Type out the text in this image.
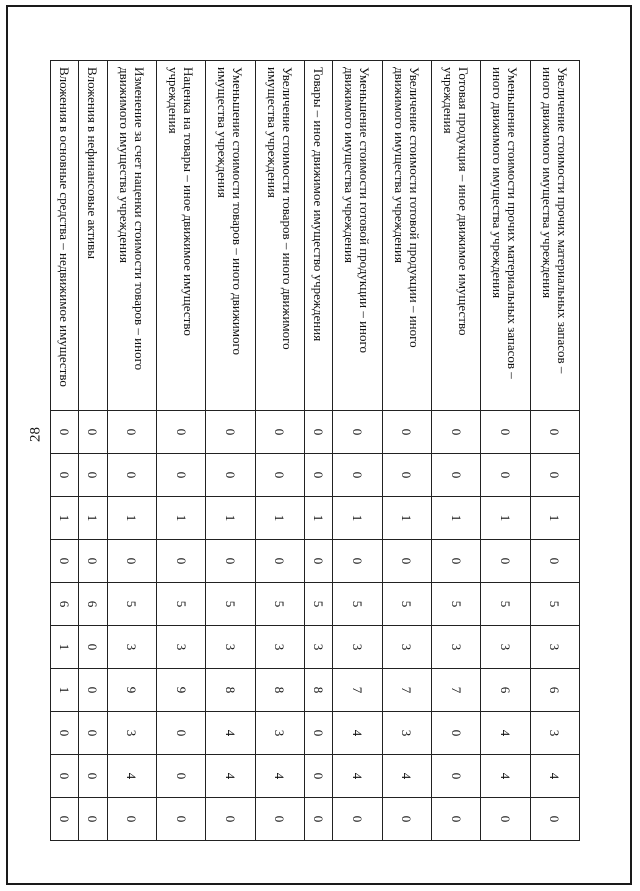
28
Увеличение стоимости прочих материальных запасов – иного движимого имущества учреждения	0	0	1	0	5	3	6	3	4	0
Уменьшение стоимости прочих материальных запасов – иного движимого имущества учреждения	0	0	1	0	5	3	6	4	4	0
Готовая продукция – иное движимое имущество учреждения	0	0	1	0	5	3	7	0	0	0
Увеличение стоимости готовой продукции – иного движимого имущества учреждения	0	0	1	0	5	3	7	3	4	0
Уменьшение стоимости готовой продукции – иного движимого имущества учреждения	0	0	1	0	5	3	7	4	4	0
Товары – иное движимое имущество учреждения	0	0	1	0	5	3	8	0	0	0
Увеличение стоимости товаров – иного движимого имущества учреждения	0	0	1	0	5	3	8	3	4	0
Уменьшение стоимости товаров – иного движимого имущества учреждения	0	0	1	0	5	3	8	4	4	0
Наценка на товары – иное движимое имущество учреждения	0	0	1	0	5	3	9	0	0	0
Изменение за счет наценки стоимости товаров – иного движимого имущества учреждения	0	0	1	0	5	3	9	3	4	0
Вложения в нефинансовые активы	0	0	1	0	6	0	0	0	0	0
Вложения в основные средства – недвижимое имущество	0	0	1	0	6	1	1	0	0	0
